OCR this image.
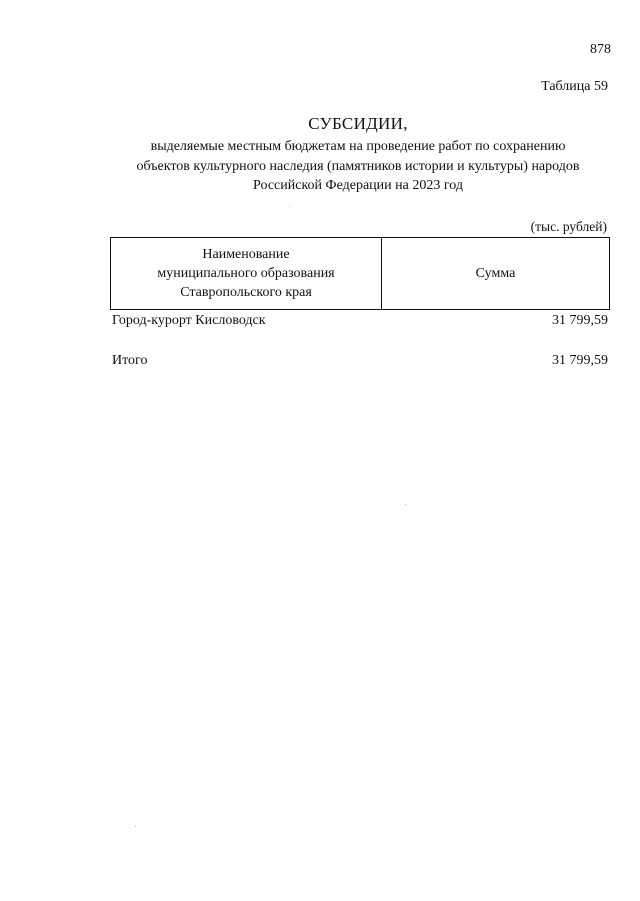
878
Таблица 59
СУБСИДИИ,
выделяемые местным бюджетам на проведение работ по сохранению
объектов культурного наследия (памятников истории и культуры) народов
Российской Федерации на 2023 год
(тыс. рублей)
Наименование
муниципального образования
Ставропольского края
Сумма
Город-курорт Кисловодск	31 799,59
Итого	31 799,59
